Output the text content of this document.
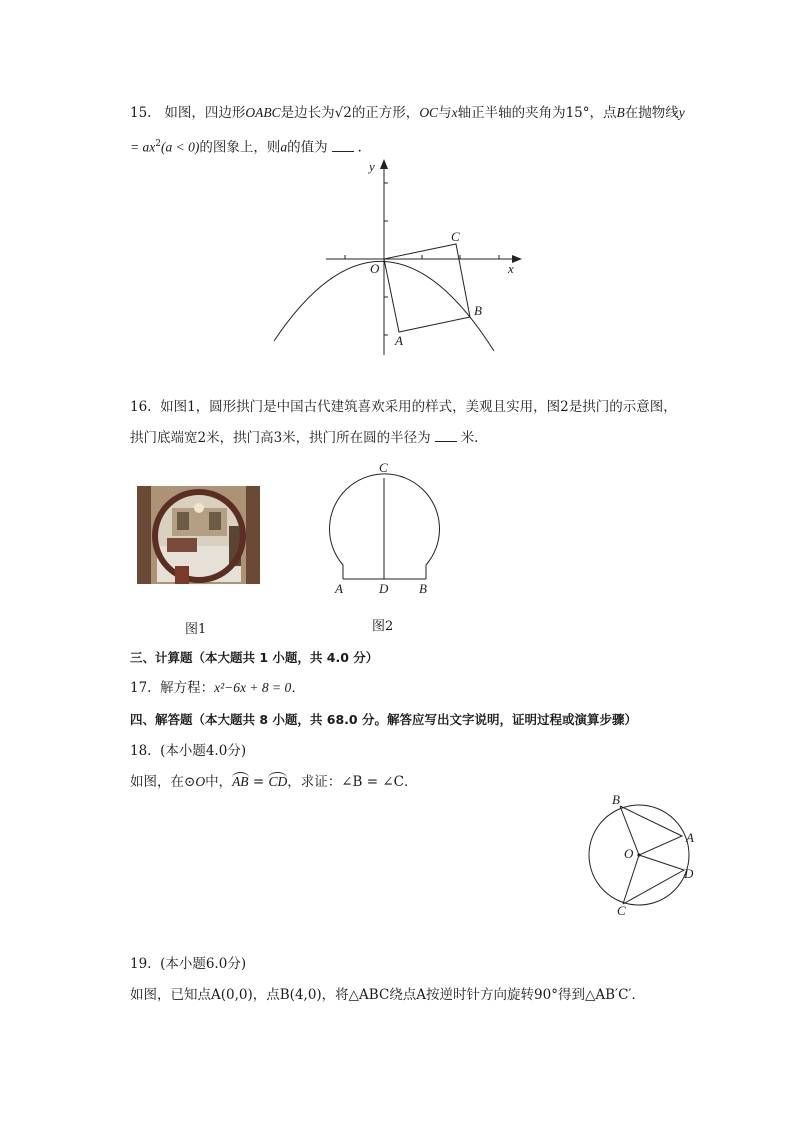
15. 如图，四边形OABC是边长为√2的正方形，OC与x轴正半轴的夹角为15°，点B在抛物线y
= $ax^2(a < 0)$的图象上，则a的值为 ．
y
x
O
C
B
A
16. 如图1，圆形拱门是中国古代建筑喜欢采用的样式，美观且实用，图2是拱门的示意图，
拱门底端宽2米，拱门高3米，拱门所在圆的半径为 米.
图1
C
A	D B
图2
三、计算题（本大题共 1 小题，共 4.0 分）
17. 解方程：x²−6x + 8 = 0．
四、解答题（本大题共 8 小题，共 68.0 分。解答应写出文字说明，证明过程或演算步骤）
18. (本小题4.0分)
如图，在⊙O中，AB = CD，求证：∠B = ∠C．
B
A
O
D
C
19. (本小题6.0分)
如图，已知点A(0,0)，点B(4,0)，将△ABC绕点A按逆时针方向旋转90°得到△AB′C′．
